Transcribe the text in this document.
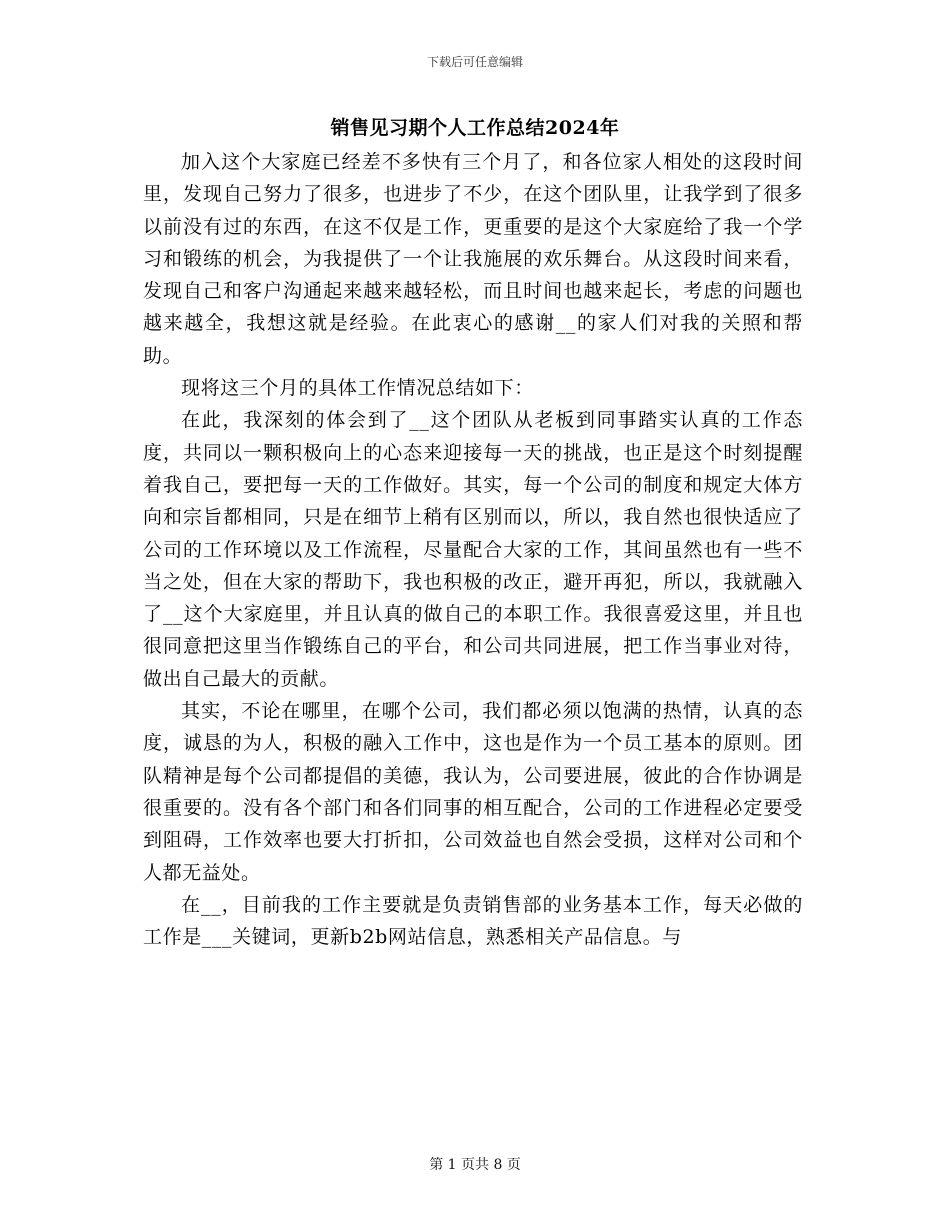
下载后可任意编辑
销售见习期个人工作总结2024年

加入这个大家庭已经差不多快有三个月了，和各位家人相处的这段时间里，发现自己努力了很多，也进步了不少，在这个团队里，让我学到了很多以前没有过的东西，在这不仅是工作，更重要的是这个大家庭给了我一个学习和锻练的机会，为我提供了一个让我施展的欢乐舞台。从这段时间来看，发现自己和客户沟通起来越来越轻松，而且时间也越来起长，考虑的问题也越来越全，我想这就是经验。在此衷心的感谢__的家人们对我的关照和帮助。

现将这三个月的具体工作情况总结如下：

在此，我深刻的体会到了__这个团队从老板到同事踏实认真的工作态度，共同以一颗积极向上的心态来迎接每一天的挑战，也正是这个时刻提醒着我自己，要把每一天的工作做好。其实，每一个公司的制度和规定大体方向和宗旨都相同，只是在细节上稍有区别而以，所以，我自然也很快适应了公司的工作环境以及工作流程，尽量配合大家的工作，其间虽然也有一些不当之处，但在大家的帮助下，我也积极的改正，避开再犯，所以，我就融入了__这个大家庭里，并且认真的做自己的本职工作。我很喜爱这里，并且也很同意把这里当作锻练自己的平台，和公司共同进展，把工作当事业对待，做出自己最大的贡献。

其实，不论在哪里，在哪个公司，我们都必须以饱满的热情，认真的态度，诚恳的为人，积极的融入工作中，这也是作为一个员工基本的原则。团队精神是每个公司都提倡的美德，我认为，公司要进展，彼此的合作协调是很重要的。没有各个部门和各们同事的相互配合，公司的工作进程必定要受到阻碍，工作效率也要大打折扣，公司效益也自然会受损，这样对公司和个人都无益处。

在__，目前我的工作主要就是负责销售部的业务基本工作，每天必做的工作是___关键词，更新b2b网站信息，熟悉相关产品信息。与

第 1 页共 8 页
